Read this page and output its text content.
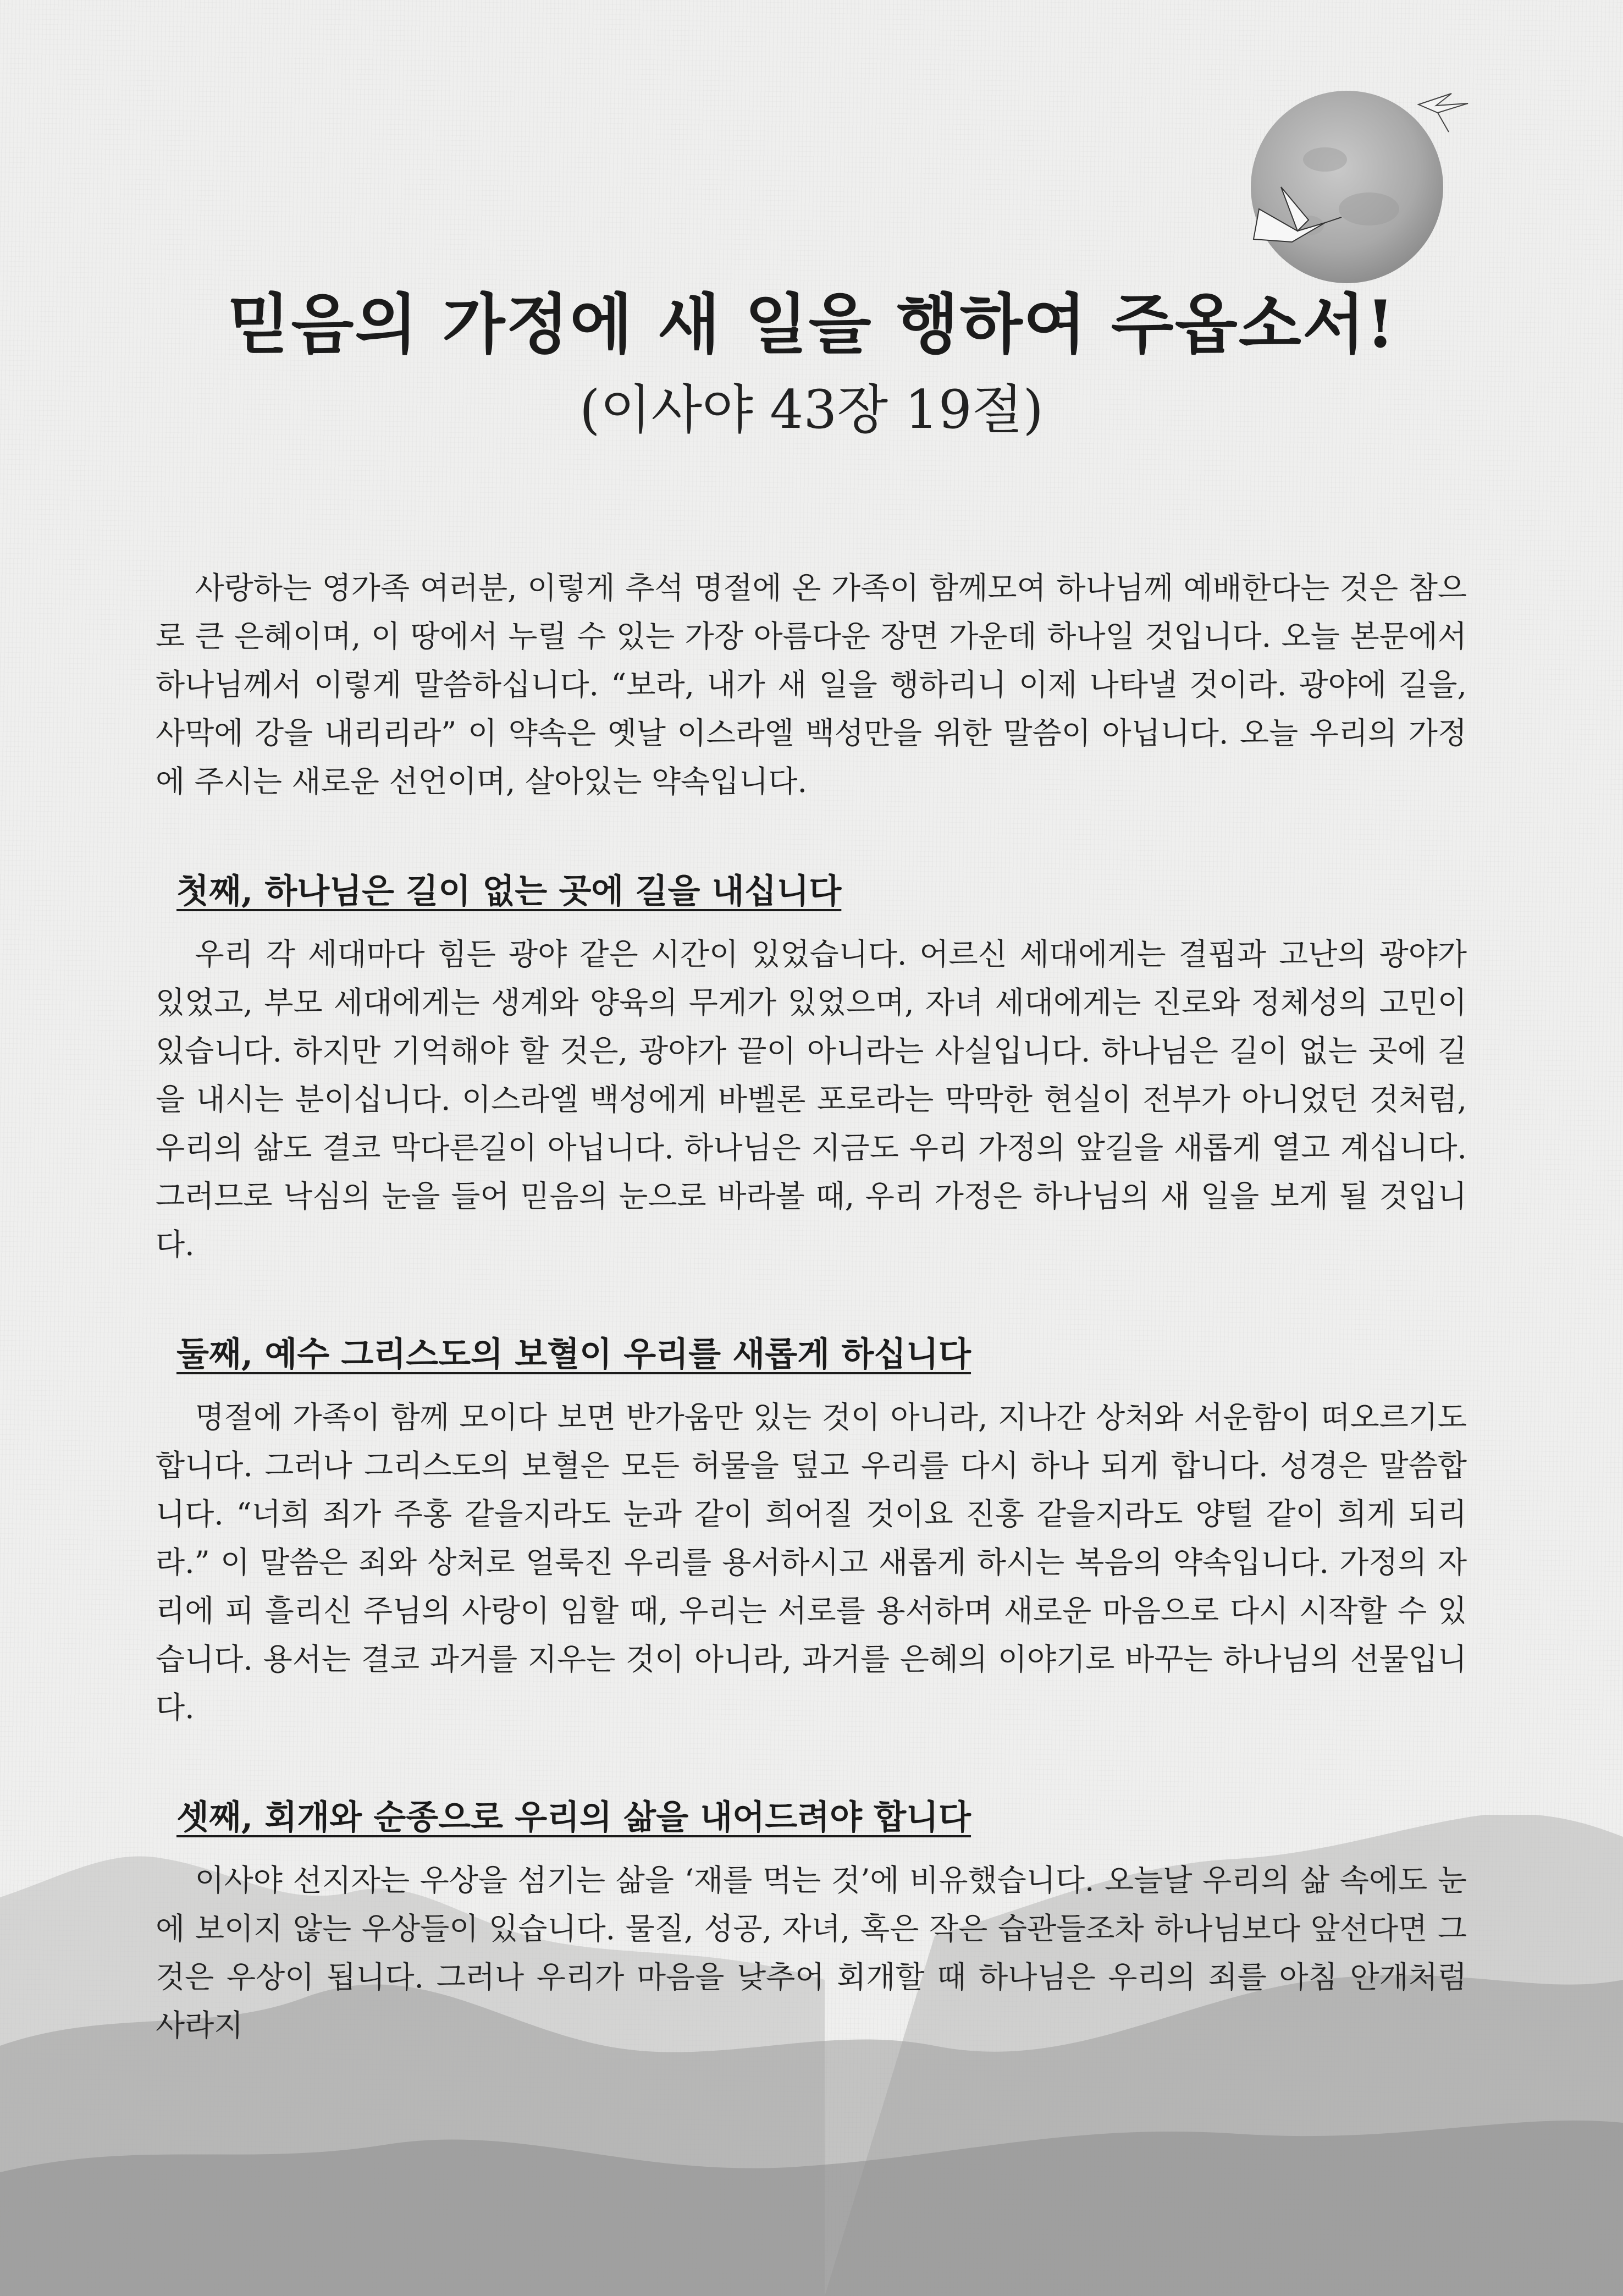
믿음의 가정에 새 일을 행하여 주옵소서!

(이사야 43장 19절)

사랑하는 영가족 여러분, 이렇게 추석 명절에 온 가족이 함께모여 하나님께 예배한다는 것은 참으로 큰 은혜이며, 이 땅에서 누릴 수 있는 가장 아름다운 장면 가운데 하나일 것입니다. 오늘 본문에서 하나님께서 이렇게 말씀하십니다. “보라, 내가 새 일을 행하리니 이제 나타낼 것이라. 광야에 길을, 사막에 강을 내리리라” 이 약속은 옛날 이스라엘 백성만을 위한 말씀이 아닙니다. 오늘 우리의 가정에 주시는 새로운 선언이며, 살아있는 약속입니다.

첫째, 하나님은 길이 없는 곳에 길을 내십니다

우리 각 세대마다 힘든 광야 같은 시간이 있었습니다. 어르신 세대에게는 결핍과 고난의 광야가 있었고, 부모 세대에게는 생계와 양육의 무게가 있었으며, 자녀 세대에게는 진로와 정체성의 고민이 있습니다. 하지만 기억해야 할 것은, 광야가 끝이 아니라는 사실입니다. 하나님은 길이 없는 곳에 길을 내시는 분이십니다. 이스라엘 백성에게 바벨론 포로라는 막막한 현실이 전부가 아니었던 것처럼, 우리의 삶도 결코 막다른길이 아닙니다. 하나님은 지금도 우리 가정의 앞길을 새롭게 열고 계십니다. 그러므로 낙심의 눈을 들어 믿음의 눈으로 바라볼 때, 우리 가정은 하나님의 새 일을 보게 될 것입니다.

둘째, 예수 그리스도의 보혈이 우리를 새롭게 하십니다

명절에 가족이 함께 모이다 보면 반가움만 있는 것이 아니라, 지나간 상처와 서운함이 떠오르기도 합니다. 그러나 그리스도의 보혈은 모든 허물을 덮고 우리를 다시 하나 되게 합니다. 성경은 말씀합니다. “너희 죄가 주홍 같을지라도 눈과 같이 희어질 것이요 진홍 같을지라도 양털 같이 희게 되리라.” 이 말씀은 죄와 상처로 얼룩진 우리를 용서하시고 새롭게 하시는 복음의 약속입니다. 가정의 자리에 피 흘리신 주님의 사랑이 임할 때, 우리는 서로를 용서하며 새로운 마음으로 다시 시작할 수 있습니다. 용서는 결코 과거를 지우는 것이 아니라, 과거를 은혜의 이야기로 바꾸는 하나님의 선물입니다.

셋째, 회개와 순종으로 우리의 삶을 내어드려야 합니다

이사야 선지자는 우상을 섬기는 삶을 ‘재를 먹는 것’에 비유했습니다. 오늘날 우리의 삶 속에도 눈에 보이지 않는 우상들이 있습니다. 물질, 성공, 자녀, 혹은 작은 습관들조차 하나님보다 앞선다면 그것은 우상이 됩니다. 그러나 우리가 마음을 낮추어 회개할 때 하나님은 우리의 죄를 아침 안개처럼 사라지
